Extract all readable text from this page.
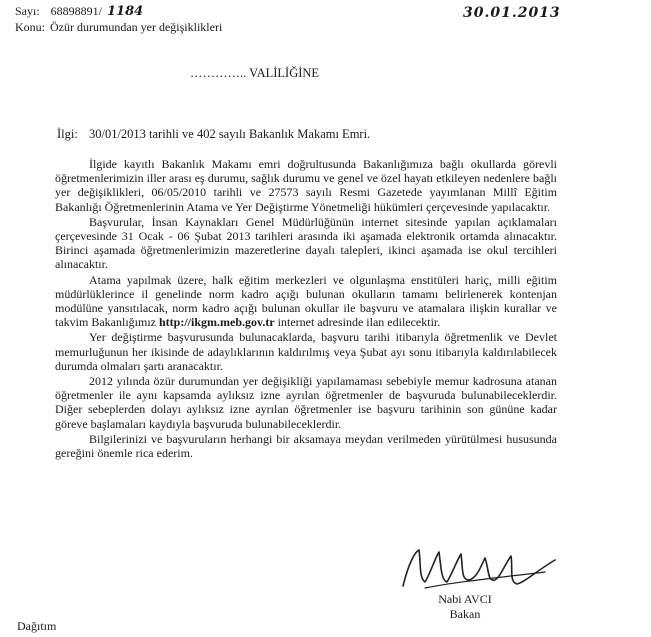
Sayı: 68898891/ 1184
Konu: Özür durumundan yer değişiklikleri
30.01.2013
………….. VALİLİĞİNE
İlgi: 30/01/2013 tarihli ve 402 sayılı Bakanlık Makamı Emri.

İlgide kayıtlı Bakanlık Makamı emri doğrultusunda Bakanlığımıza bağlı okullarda görevli öğretmenlerimizin iller arası eş durumu, sağlık durumu ve genel ve özel hayatı etkileyen nedenlere bağlı yer değişiklikleri, 06/05/2010 tarihli ve 27573 sayılı Resmi Gazetede yayımlanan Millî Eğitim Bakanlığı Öğretmenlerinin Atama ve Yer Değiştirme Yönetmeliği hükümleri çerçevesinde yapılacaktır.

Başvurular, İnsan Kaynakları Genel Müdürlüğünün internet sitesinde yapılan açıklamaları çerçevesinde 31 Ocak - 06 Şubat 2013 tarihleri arasında iki aşamada elektronik ortamda alınacaktır. Birinci aşamada öğretmenlerimizin mazeretlerine dayalı talepleri, ikinci aşamada ise okul tercihleri alınacaktır.

Atama yapılmak üzere, halk eğitim merkezleri ve olgunlaşma enstitüleri hariç, milli eğitim müdürlüklerince il genelinde norm kadro açığı bulunan okulların tamamı belirlenerek kontenjan modülüne yansıtılacak, norm kadro açığı bulunan okullar ile başvuru ve atamalara ilişkin kurallar ve takvim Bakanlığımız http://ikgm.meb.gov.tr internet adresinde ilan edilecektir.

Yer değiştirme başvurusunda bulunacaklarda, başvuru tarihi itibarıyla öğretmenlik ve Devlet memurluğunun her ikisinde de adaylıklarının kaldırılmış veya Şubat ayı sonu itibarıyla kaldırılabilecek durumda olmaları şartı aranacaktır.

2012 yılında özür durumundan yer değişikliği yapılamaması sebebiyle memur kadrosuna atanan öğretmenler ile aynı kapsamda aylıksız izne ayrılan öğretmenler de başvuruda bulunabileceklerdir. Diğer sebeplerden dolayı aylıksız izne ayrılan öğretmenler ise başvuru tarihinin son gününe kadar göreve başlamaları kaydıyla başvuruda bulunabileceklerdir.

Bilgilerinizi ve başvuruların herhangi bir aksamaya meydan verilmeden yürütülmesi hususunda gereğini önemle rica ederim.

Nabi AVCI
Bakan
Dağıtım
